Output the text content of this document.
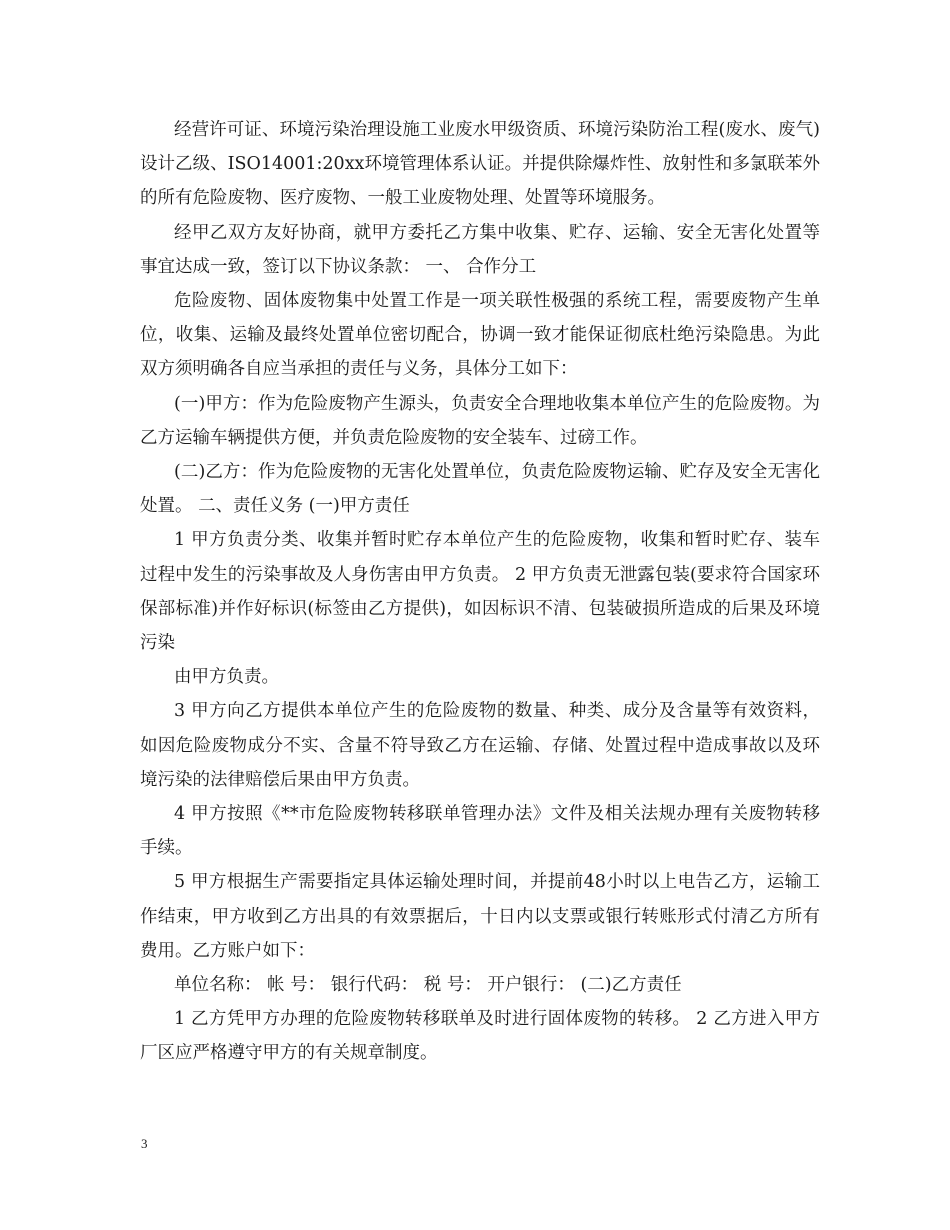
经营许可证、环境污染治理设施工业废水甲级资质、环境污染防治工程(废水、废气)设计乙级、ISO14001:20xx环境管理体系认证。并提供除爆炸性、放射性和多氯联苯外的所有危险废物、医疗废物、一般工业废物处理、处置等环境服务。

经甲乙双方友好协商，就甲方委托乙方集中收集、贮存、运输、安全无害化处置等事宜达成一致，签订以下协议条款： 一、 合作分工

危险废物、固体废物集中处置工作是一项关联性极强的系统工程，需要废物产生单位，收集、运输及最终处置单位密切配合，协调一致才能保证彻底杜绝污染隐患。为此双方须明确各自应当承担的责任与义务，具体分工如下：

(一)甲方：作为危险废物产生源头，负责安全合理地收集本单位产生的危险废物。为乙方运输车辆提供方便，并负责危险废物的安全装车、过磅工作。

(二)乙方：作为危险废物的无害化处置单位，负责危险废物运输、贮存及安全无害化处置。 二、责任义务 (一)甲方责任

1 甲方负责分类、收集并暂时贮存本单位产生的危险废物，收集和暂时贮存、装车过程中发生的污染事故及人身伤害由甲方负责。 2 甲方负责无泄露包装(要求符合国家环保部标准)并作好标识(标签由乙方提供)，如因标识不清、包装破损所造成的后果及环境污染

由甲方负责。

3 甲方向乙方提供本单位产生的危险废物的数量、种类、成分及含量等有效资料，如因危险废物成分不实、含量不符导致乙方在运输、存储、处置过程中造成事故以及环境污染的法律赔偿后果由甲方负责。

4 甲方按照《**市危险废物转移联单管理办法》文件及相关法规办理有关废物转移手续。

5 甲方根据生产需要指定具体运输处理时间，并提前48小时以上电告乙方，运输工作结束，甲方收到乙方出具的有效票据后，十日内以支票或银行转账形式付清乙方所有费用。乙方账户如下：

单位名称： 帐 号： 银行代码： 税 号： 开户银行： (二)乙方责任

1 乙方凭甲方办理的危险废物转移联单及时进行固体废物的转移。 2 乙方进入甲方厂区应严格遵守甲方的有关规章制度。

3
